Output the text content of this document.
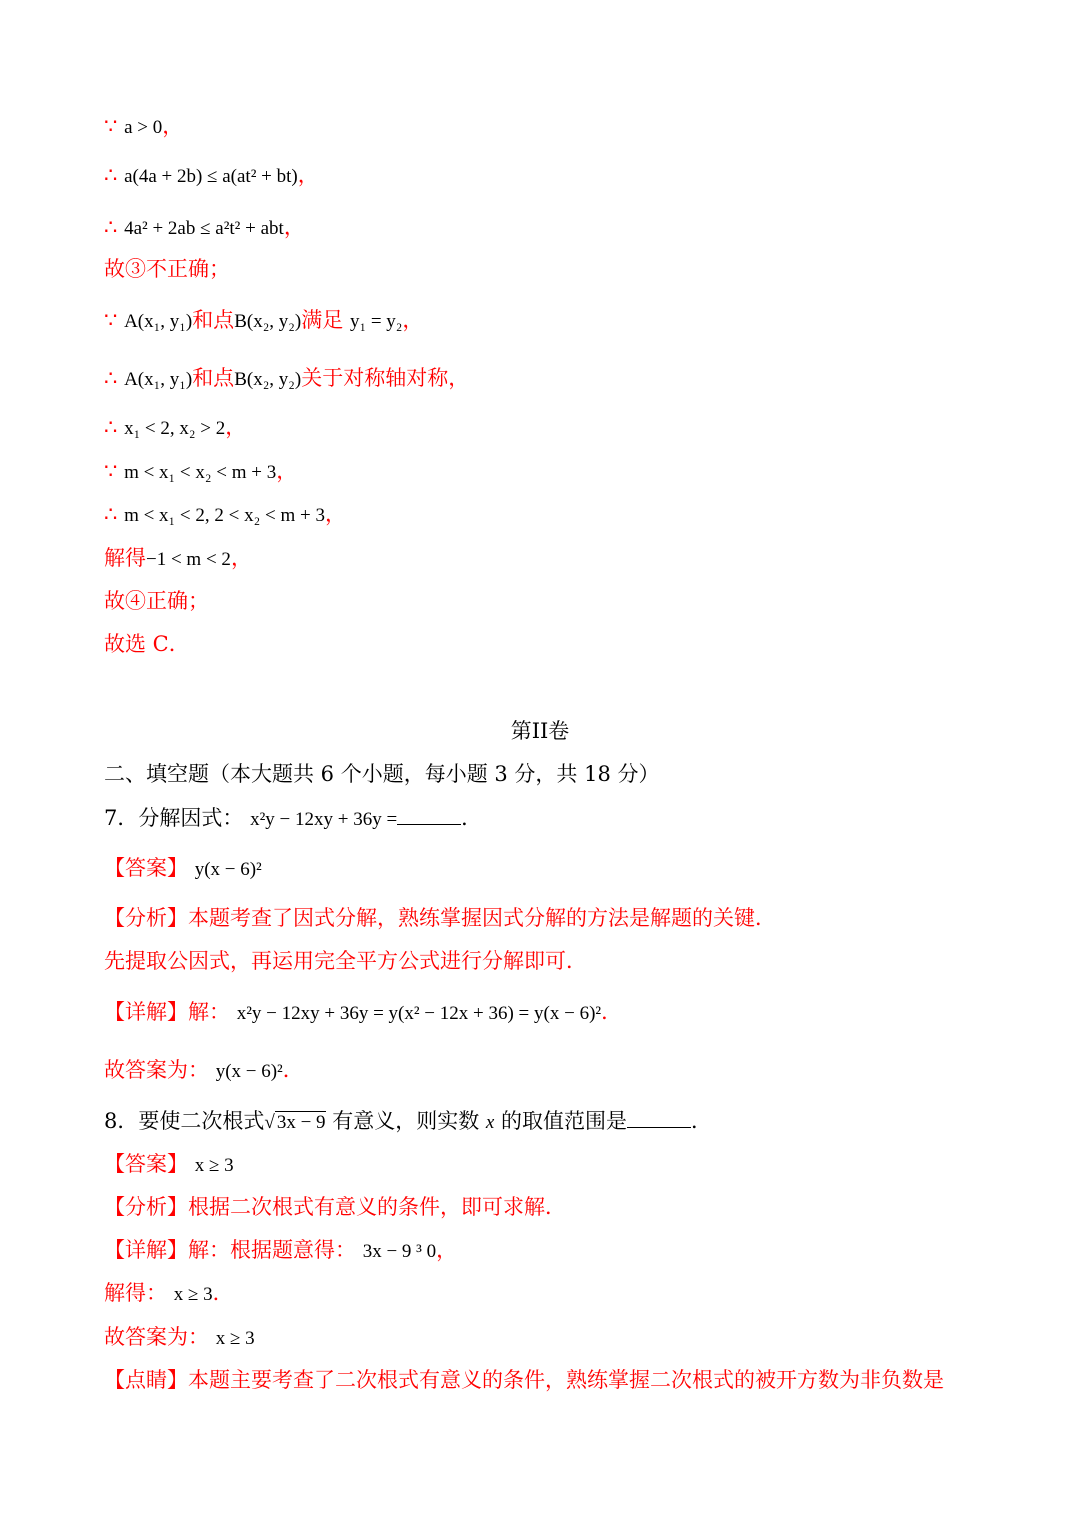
∵ a > 0，
∴ a(4a + 2b) ≤ a(at² + bt)，
∴ 4a² + 2ab ≤ a²t² + abt，
故③不正确；
∵ A(x₁, y₁)和点B(x₂, y₂)满足 y₁ = y₂，
∴ A(x₁, y₁)和点B(x₂, y₂)关于对称轴对称，
∴ x₁ < 2, x₂ > 2，
∵ m < x₁ < x₂ < m + 3，
∴ m < x₁ < 2, 2 < x₂ < m + 3，
解得−1 < m < 2，
故④正确；
故选 C．
第II卷
二、填空题（本大题共 6 个小题，每小题 3 分，共 18 分）
7．分解因式： x²y − 12xy + 36y =	．
【答案】 y(x − 6)²
【分析】本题考查了因式分解，熟练掌握因式分解的方法是解题的关键．
先提取公因式，再运用完全平方公式进行分解即可．
【详解】解： x²y − 12xy + 36y = y(x² − 12x + 36) = y(x − 6)²．
故答案为： y(x − 6)²．
8．要使二次根式√ 3x − 9 有意义，则实数 x 的取值范围是	．
【答案】 x ≥ 3
【分析】根据二次根式有意义的条件，即可求解．
【详解】解：根据题意得： 3x − 9 ³ 0，
解得： x ≥ 3．
故答案为： x ≥ 3
【点睛】本题主要考查了二次根式有意义的条件，熟练掌握二次根式的被开方数为非负数是
